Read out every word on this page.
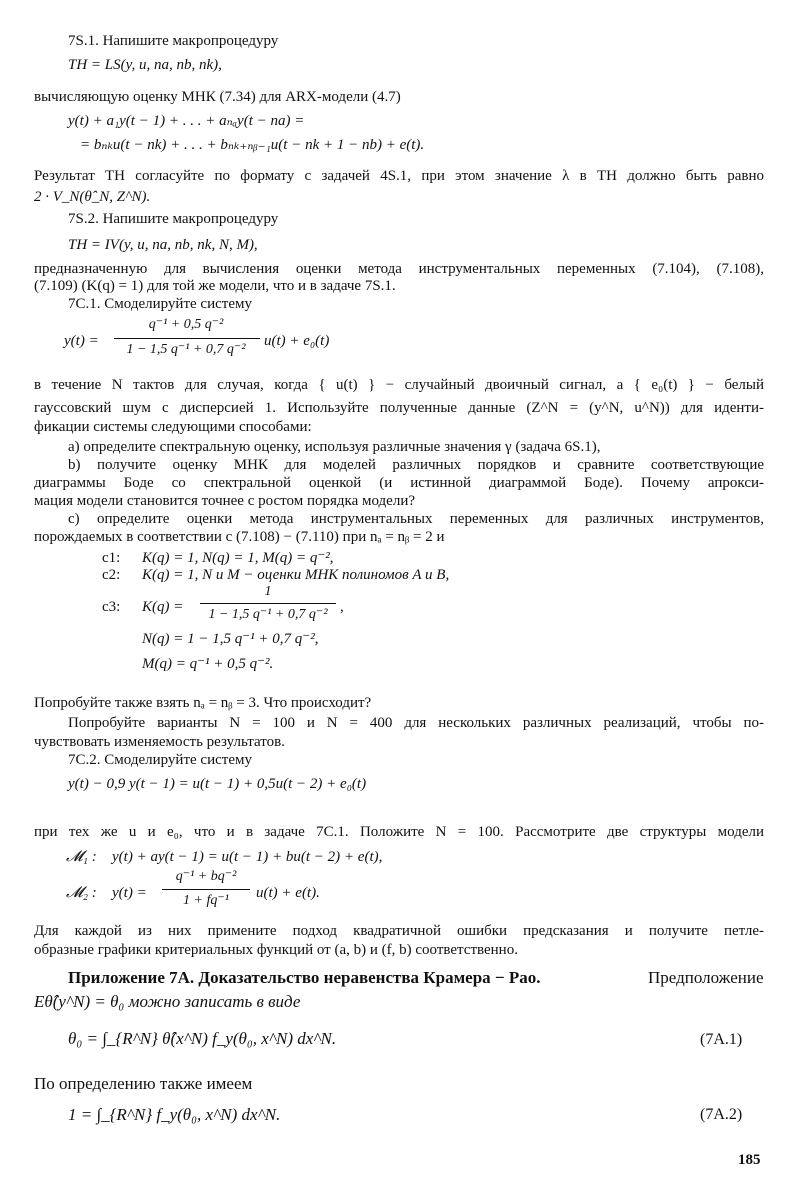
7S.1. Напишите макропроцедуру
TH = LS(y, u, na, nb, nk),
вычисляющую оценку МНК (7.34) для ARX-модели (4.7)
y(t) + a₁y(t − 1) + . . . + aₙₐy(t − na) =
= bₙₖu(t − nk) + . . . + bₙₖ₊ₙᵦ₋₁u(t − nk + 1 − nb) + e(t).
Результат TH согласуйте по формату с задачей 4S.1, при этом значение λ в TH должно быть равно
2 · V_N(θ̂_N, Z^N).
7S.2. Напишите макропроцедуру
TH = IV(y, u, na, nb, nk, N, M),
предназначенную для вычисления оценки метода инструментальных переменных (7.104), (7.108),
(7.109) (K(q) = 1) для той же модели, что и в задаче 7S.1.
7C.1. Смоделируйте систему
y(t) =
q⁻¹ + 0,5 q⁻²
1 − 1,5 q⁻¹ + 0,7 q⁻²
u(t) + e₀(t)
в течение N тактов для случая, когда { u(t) } − случайный двоичный сигнал, а { e₀(t) } − белый
гауссовский шум с дисперсией 1. Используйте полученные данные (Z^N = (y^N, u^N)) для иденти-
фикации системы следующими способами:
a) определите спектральную оценку, используя различные значения γ (задача 6S.1),
b) получите оценку МНК для моделей различных порядков и сравните соответствующие
диаграммы Боде со спектральной оценкой (и истинной диаграммой Боде). Почему апрокси-
мация модели становится точнее с ростом порядка модели?
c) определите оценки метода инструментальных переменных для различных инструментов,
порождаемых в соответствии с (7.108) − (7.110) при nₐ = nᵦ = 2 и
c1: K(q) = 1, N(q) = 1, M(q) = q⁻²,
c2: K(q) = 1, N и M − оценки МНК полиномов A и B,
c3: K(q) =
1
1 − 1,5 q⁻¹ + 0,7 q⁻² ,
N(q) = 1 − 1,5 q⁻¹ + 0,7 q⁻²,
M(q) = q⁻¹ + 0,5 q⁻².
Попробуйте также взять nₐ = nᵦ = 3. Что происходит?
Попробуйте варианты N = 100 и N = 400 для нескольких различных реализаций, чтобы по-
чувствовать изменяемость результатов.
7C.2. Смоделируйте систему
y(t) − 0,9 y(t − 1) = u(t − 1) + 0,5u(t − 2) + e₀(t)
при тех же u и e₀, что и в задаче 7C.1. Положите N = 100. Рассмотрите две структуры модели
𝓜₁ : y(t) + ay(t − 1) = u(t − 1) + bu(t − 2) + e(t),
𝓜₂ : y(t) =
q⁻¹ + bq⁻²
1 + fq⁻¹	u(t) + e(t).
Для каждой из них примените подход квадратичной ошибки предсказания и получите петле-
образные графики критериальных функций от (a, b) и (f, b) соответственно.
Приложение 7A. Доказательство неравенства Крамера − Рао.	Предположение
Eθ̂(y^N) = θ₀ можно записать в виде
θ₀ = ∫_{R^N} θ̂(x^N) f_y(θ₀, x^N) dx^N.	(7A.1)
По определению также имеем
1 = ∫_{R^N} f_y(θ₀, x^N) dx^N.	(7A.2)
185
